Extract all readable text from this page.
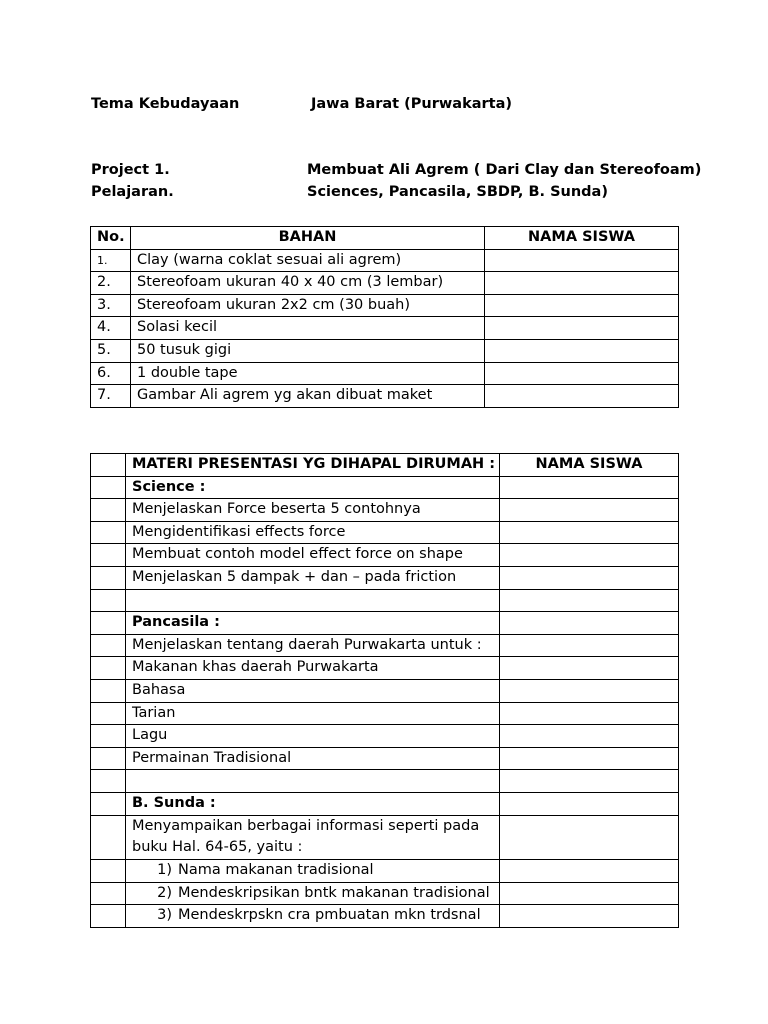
Tema Kebudayaan	Jawa Barat (Purwakarta)
Project 1.	Membuat Ali Agrem ( Dari Clay dan Stereofoam)
Pelajaran.	Sciences, Pancasila, SBDP, B. Sunda)
No.	BAHAN	NAMA SISWA
1.	Clay (warna coklat sesuai ali agrem)	
2.	Stereofoam ukuran 40 x 40 cm (3 lembar)	
3.	Stereofoam ukuran 2x2 cm (30 buah)	
4.	Solasi kecil	
5.	50 tusuk gigi	
6.	1 double tape	
7.	Gambar Ali agrem yg akan dibuat maket	
	MATERI PRESENTASI YG DIHAPAL DIRUMAH :	NAMA SISWA
	Science :	
	Menjelaskan Force beserta 5 contohnya	
	Mengidentifikasi effects force	
	Membuat contoh model effect force on shape	
	Menjelaskan 5 dampak + dan – pada friction	

	Pancasila :	
	Menjelaskan tentang daerah Purwakarta untuk :	
	Makanan khas daerah Purwakarta	
	Bahasa	
	Tarian	
	Lagu	
	Permainan Tradisional	

	B. Sunda :	
	Menyampaikan berbagai informasi seperti pada buku Hal. 64-65, yaitu :	

	1) Nama makanan tradisional	

	2) Mendeskripsikan bntk makanan tradisional	

	3) Mendeskrpskn cra pmbuatan mkn trdsnal	
